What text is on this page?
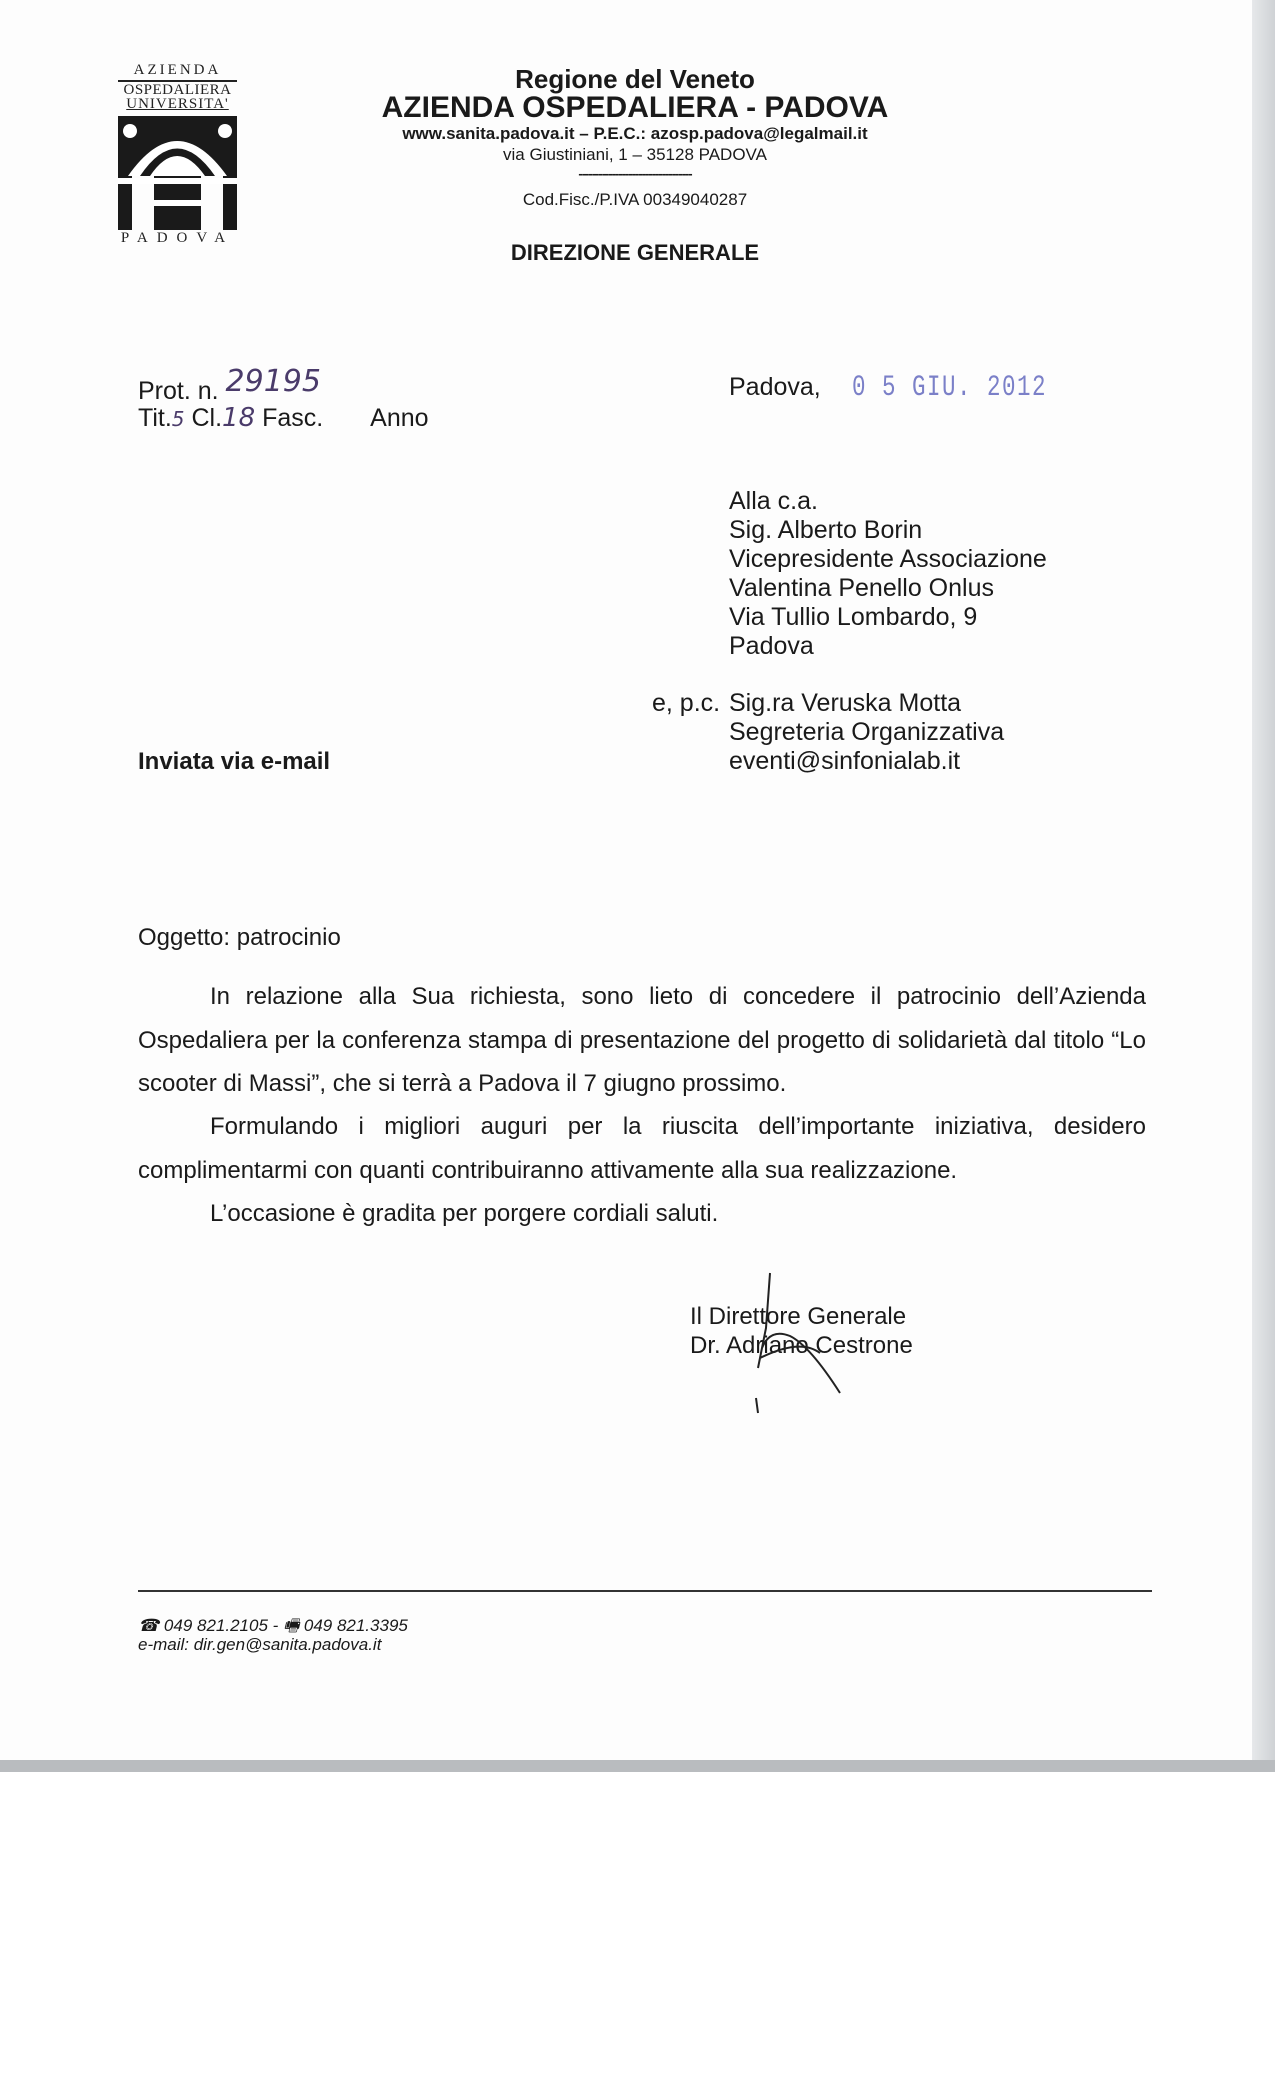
AZIENDA
OSPEDALIERA
UNIVERSITA'
PADOVA
Regione del Veneto
AZIENDA OSPEDALIERA - PADOVA
www.sanita.padova.it – P.E.C.: azosp.padova@legalmail.it
via Giustiniani, 1 – 35128 PADOVA
----------------------------------
Cod.Fisc./P.IVA 00349040287
DIREZIONE GENERALE
Prot. n. 29195
Tit.5 Cl.18 Fasc. Anno
Padova, 0 5 GIU. 2012
Alla c.a.
Sig. Alberto Borin
Vicepresidente Associazione
Valentina Penello Onlus
Via Tullio Lombardo, 9
Padova
e, p.c. Sig.ra Veruska Motta
Segreteria Organizzativa
eventi@sinfonialab.it
Inviata via e-mail
Oggetto: patrocinio
In relazione alla Sua richiesta, sono lieto di concedere il patrocinio dell’Azienda Ospedaliera per la conferenza stampa di presentazione del progetto di solidarietà dal titolo “Lo scooter di Massi”, che si terrà a Padova il 7 giugno prossimo.
Formulando i migliori auguri per la riuscita dell’importante iniziativa, desidero complimentarmi con quanti contribuiranno attivamente alla sua realizzazione.
L’occasione è gradita per porgere cordiali saluti.
Il Direttore Generale
Dr. Adriano Cestrone
☎ 049 821.2105 - 🖷 049 821.3395
e-mail: dir.gen@sanita.padova.it
